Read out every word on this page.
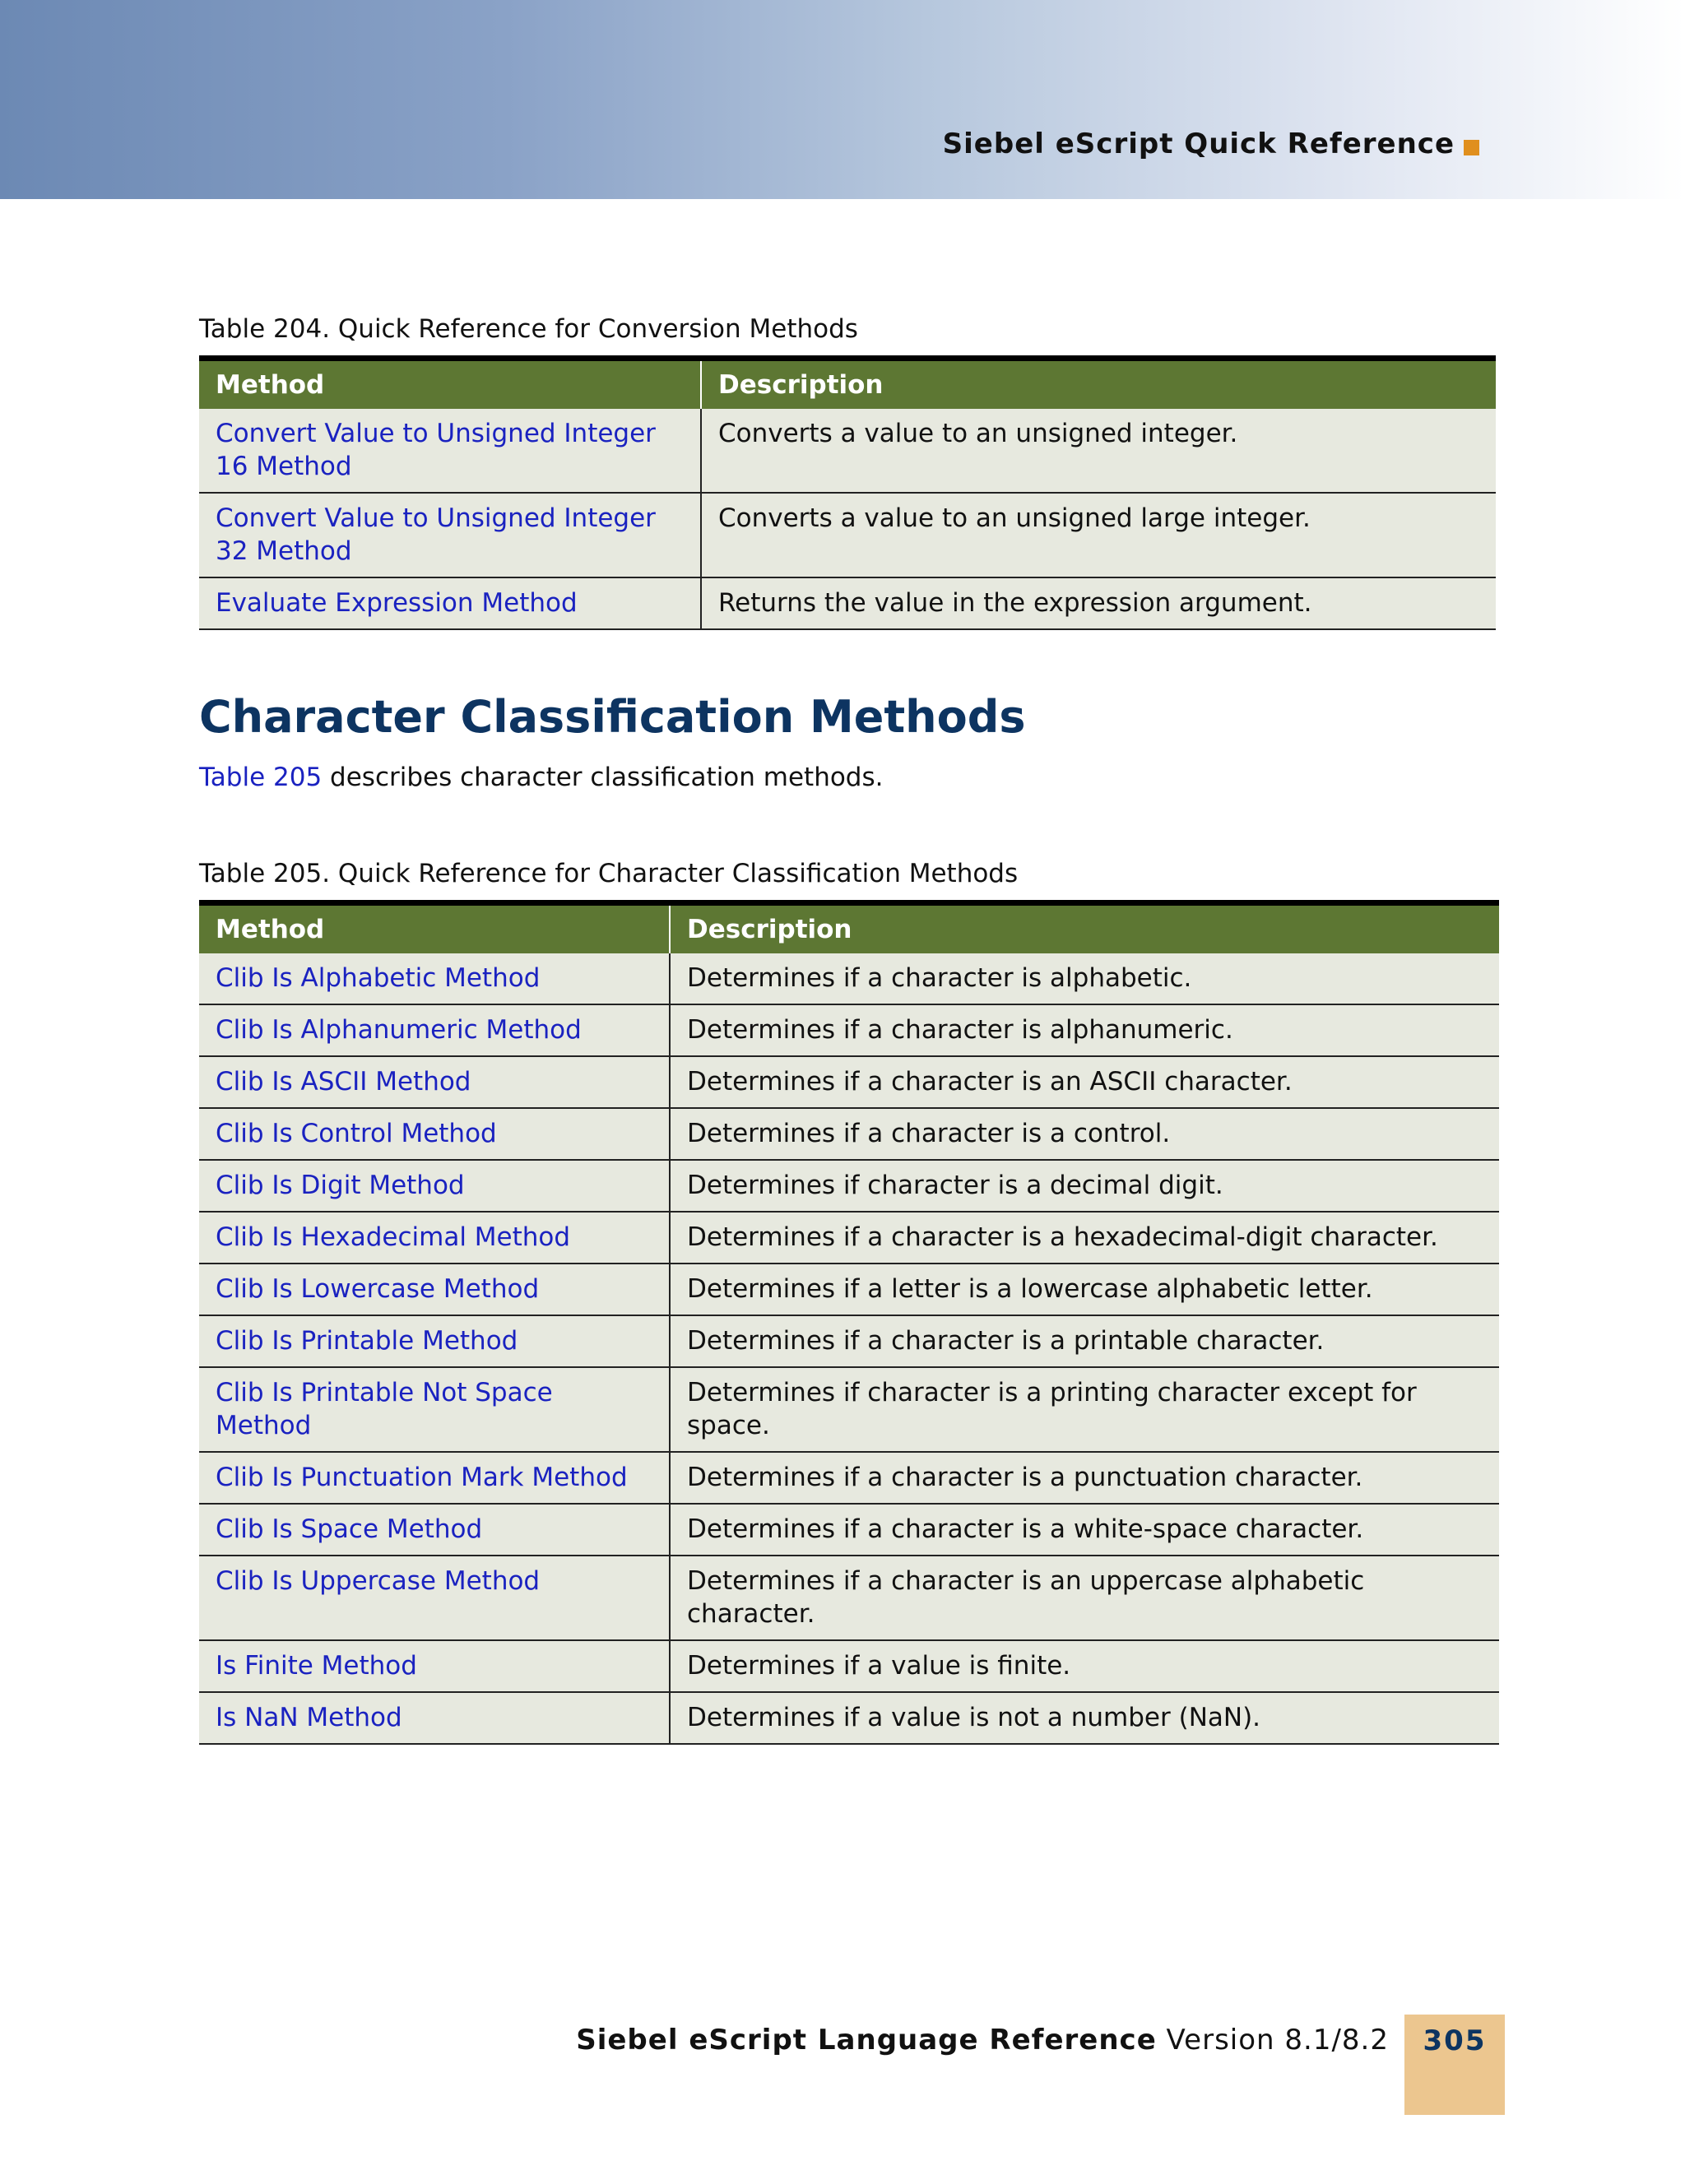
Siebel eScript Quick Reference
Table 204. Quick Reference for Conversion Methods
Method	Description
Convert Value to Unsigned Integer 16 Method	Converts a value to an unsigned integer.
Convert Value to Unsigned Integer 32 Method	Converts a value to an unsigned large integer.
Evaluate Expression Method	Returns the value in the expression argument.
Character Classification Methods
Table 205 describes character classification methods.
Table 205. Quick Reference for Character Classification Methods
Method	Description
Clib Is Alphabetic Method	Determines if a character is alphabetic.
Clib Is Alphanumeric Method	Determines if a character is alphanumeric.
Clib Is ASCII Method	Determines if a character is an ASCII character.
Clib Is Control Method	Determines if a character is a control.
Clib Is Digit Method	Determines if character is a decimal digit.
Clib Is Hexadecimal Method	Determines if a character is a hexadecimal-digit character.
Clib Is Lowercase Method	Determines if a letter is a lowercase alphabetic letter.
Clib Is Printable Method	Determines if a character is a printable character.
Clib Is Printable Not Space Method	Determines if character is a printing character except for space.
Clib Is Punctuation Mark Method	Determines if a character is a punctuation character.
Clib Is Space Method	Determines if a character is a white-space character.
Clib Is Uppercase Method	Determines if a character is an uppercase alphabetic character.
Is Finite Method	Determines if a value is finite.
Is NaN Method	Determines if a value is not a number (NaN).
Siebel eScript Language Reference Version 8.1/8.2	305
